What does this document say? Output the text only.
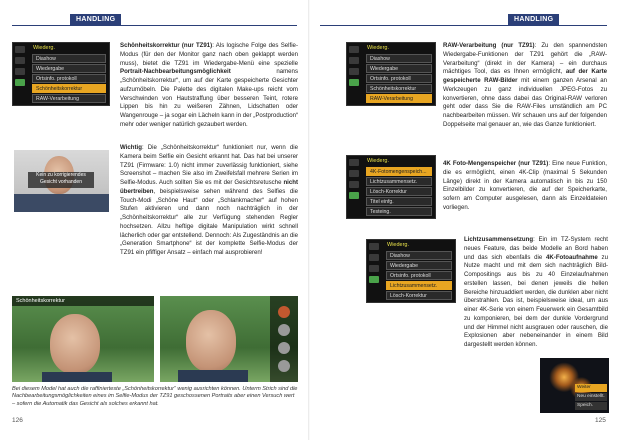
HANDLING
Wiederg.
Diashow
Wiedergabe
Ortsinfo. protokoll
Schönheitskorrektur
RAW-Verarbeitung
Kein zu korrigierendes Gesicht vorhanden
Schönheitskorrektur (nur TZ91): Als logische Folge des Selfie-Modus (für den der Monitor ganz nach oben geklappt werden muss), bietet die TZ91 im Wiedergabe-Menü eine spezielle Portrait-Nachbearbeitungsmöglichkeit namens „Schönheitskorrektur“, um auf der Karte gespeicherte Gesichter aufzumöbeln. Die Palette des digitalen Make-ups reicht vom Verschwinden von Hautstraffung über besseren Teint, rotere Lippen bis hin zu weißeren Zähnen, Lidschatten oder Wangenrouge – ja sogar ein Lächeln kann in der „Postproduction“ mehr oder weniger natürlich gezaubert werden.
Wichtig: Die „Schönheitskorrektur“ funktioniert nur, wenn die Kamera beim Selfie ein Gesicht erkannt hat. Das hat bei unserer TZ91 (Firmware: 1.0) nicht immer zuverlässig funktioniert, siehe Screenshot – machen Sie also im Zweifelsfall mehrere Serien im Selfie-Modus. Auch sollten Sie es mit der Gesichtsretusche nicht übertreiben, beispielsweise sehen während des Selfies die Touch-Modi „Schöne Haut“ oder „Schlankmacher“ auf hohen Stufen aktivieren und dann noch nachträglich in der „Schönheitskorrektur“ alle zur Verfügung stehenden Regler hochsetzen. Allzu heftige digitale Manipulation wirkt schnell lächerlich oder gar entstellend. Dennoch: Als Zugeständnis an die „Generation Smartphone“ ist der komplette Selfie-Modus der TZ91 ein pfiffiger Ansatz – einfach mal ausprobieren!
Schönheitskorrektur
Bei diesem Model hat auch die raffinierteste „Schönheitskorrektur“ wenig ausrichten können. Unterm Strich sind die Nachbearbeitungsmöglichkeiten eines im Selfie-Modus der TZ91 geschossenen Portraits aber einen Versuch wert – sofern die Automatik das Gesicht als solches erkannt hat.
126
HANDLING
Wiederg.
Diashow
Wiedergabe
Ortsinfo. protokoll
Schönheitskorrektur
RAW-Verarbeitung
Wiederg.
4K-Fotomengenspeich...
Lichtzusammensetz.
Lösch-Korrektur
Titel einfg.
Testeing.
Wiederg.
Diashow
Wiedergabe
Ortsinfo. protokoll
Lichtzusammensetz.
Lösch-Korrektur
RAW-Verarbeitung (nur TZ91): Zu den spannendsten Wiedergabe-Funktionen der TZ91 gehört die „RAW-Verarbeitung“ (direkt in der Kamera) – ein durchaus mächtiges Tool, das es Ihnen ermöglicht, auf der Karte gespeicherte RAW-Bilder mit einem ganzen Arsenal an Werkzeugen zu ganz individuellen JPEG-Fotos zu konvertieren, ohne dass dabei das Original-RAW verloren geht oder dass Sie die RAW-Files umständlich am PC nachbearbeiten müssen. Wir schauen uns auf der folgenden Doppelseite mal genauer an, wie das Ganze funktioniert.
4K Foto-Mengenspeicher (nur TZ91): Eine neue Funktion, die es ermöglicht, einen 4K-Clip (maximal 5 Sekunden Länge) direkt in der Kamera automatisch in bis zu 150 Einzelbilder zu konvertieren, die auf der Speicherkarte, sofern am Computer ausgelesen, dann als Einzeldateien vorliegen.
Lichtzusammensetzung: Ein im TZ-System recht neues Feature, das beide Modelle an Bord haben und das sich ebenfalls die 4K-Fotoaufnahme zu Nutze macht und mit dem sich nachträglich Bild-Compositings aus bis zu 40 Einzelaufnahmen erstellen lassen, bei denen jeweils die hellen Bereiche hinzuaddiert werden, die dunklen aber nicht überstrahlen. Das ist, beispielsweise ideal, um aus einer 4K-Serie von einem Feuerwerk ein Gesamtbild zu komponieren, bei dem der dunkle Vordergrund und der Himmel nicht ausgrauen oder rauschen, die Explosionen aber nebeneinander in einem Bild dargestellt werden können.
Weiter
Neu einstellt.
Speich.
125
